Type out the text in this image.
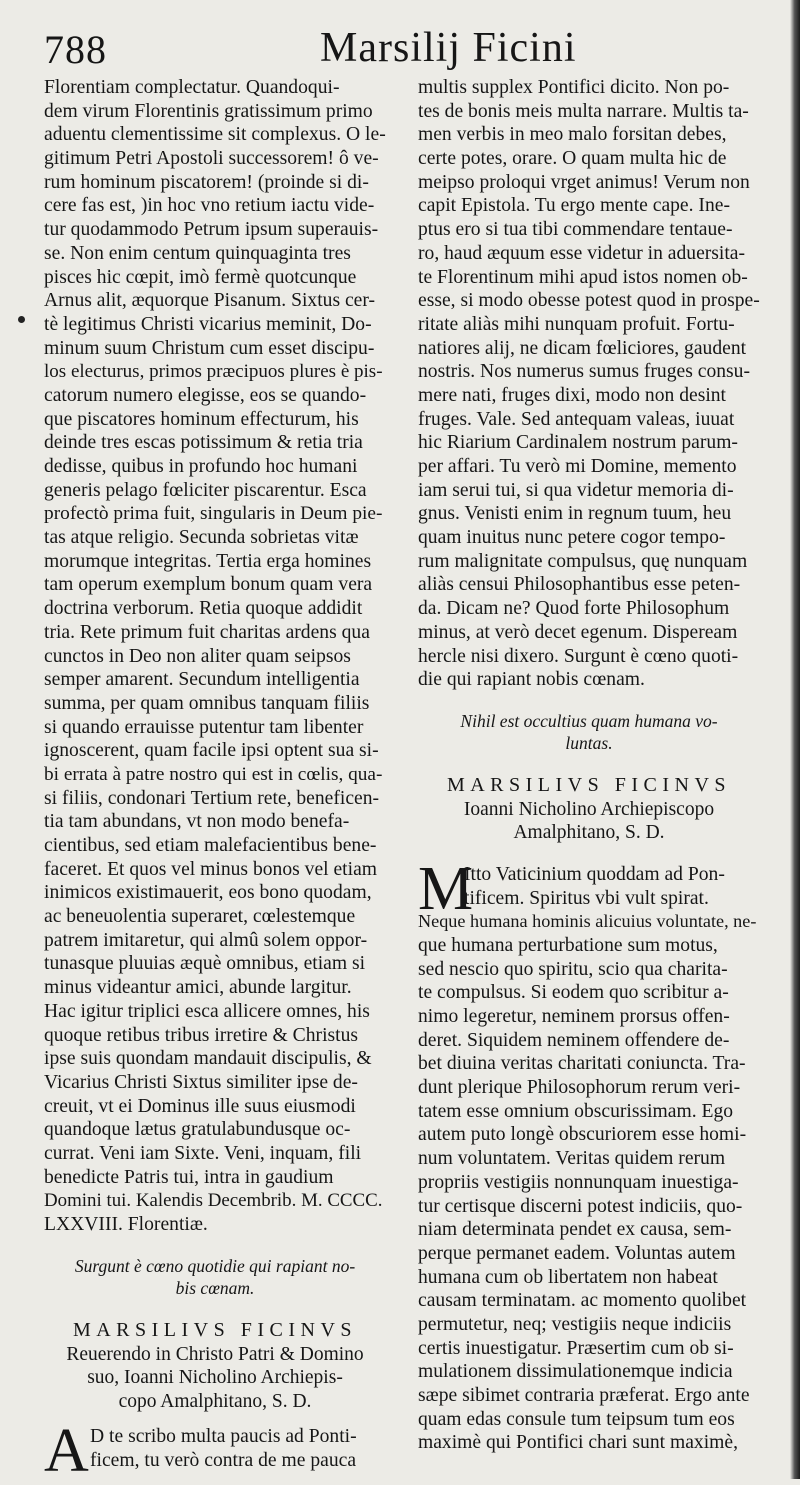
788	Marsilij Ficini
Florentiam complectatur. Quandoqui-
dem virum Florentinis gratissimum primo
aduentu clementissime sit complexus. O le-
gitimum Petri Apostoli successorem! ô ve-
rum hominum piscatorem! (proinde si di-
cere fas est, )in hoc vno retium iactu vide-
tur quodammodo Petrum ipsum superauis-
se. Non enim centum quinquaginta tres
pisces hic cœpit, imò fermè quotcunque
Arnus alit, æquorque Pisanum. Sixtus cer-
tè legitimus Christi vicarius meminit, Do-
minum suum Christum cum esset discipu-
los electurus, primos præcipuos plures è pis-
catorum numero elegisse, eos se quando-
que piscatores hominum effecturum, his
deinde tres escas potissimum & retia tria
dedisse, quibus in profundo hoc humani
generis pelago fœliciter piscarentur. Esca
profectò prima fuit, singularis in Deum pie-
tas atque religio. Secunda sobrietas vitæ
morumque integritas. Tertia erga homines
tam operum exemplum bonum quam vera
doctrina verborum. Retia quoque addidit
tria. Rete primum fuit charitas ardens qua
cunctos in Deo non aliter quam seipsos
semper amarent. Secundum intelligentia
summa, per quam omnibus tanquam filiis
si quando errauisse putentur tam libenter
ignoscerent, quam facile ipsi optent sua si-
bi errata à patre nostro qui est in cœlis, qua-
si filiis, condonari Tertium rete, beneficen-
tia tam abundans, vt non modo benefa-
cientibus, sed etiam malefacientibus bene-
faceret. Et quos vel minus bonos vel etiam
inimicos existimauerit, eos bono quodam,
ac beneuolentia superaret, cœlestemque
patrem imitaretur, qui almû solem oppor-
tunasque pluuias æquè omnibus, etiam si
minus videantur amici, abunde largitur.
Hac igitur triplici esca allicere omnes, his
quoque retibus tribus irretire & Christus
ipse suis quondam mandauit discipulis, &
Vicarius Christi Sixtus similiter ipse de-
creuit, vt ei Dominus ille suus eiusmodi
quandoque lætus gratulabundusque oc-
currat. Veni iam Sixte. Veni, inquam, fili
benedicte Patris tui, intra in gaudium
Domini tui. Kalendis Decembrib. M. CCCC.
LXXVIII. Florentiæ.
Surgunt è cœno quotidie qui rapiant no-
bis cœnam.
MARSILIVS FICINVS
Reuerendo in Christo Patri & Domino
suo, Ioanni Nicholino Archiepis-
copo Amalphitano, S. D.
A D te scribo multa paucis ad Ponti-
ficem, tu verò contra de me pauca
multis supplex Pontifici dicito. Non po-
tes de bonis meis multa narrare. Multis ta-
men verbis in meo malo forsitan debes,
certe potes, orare. O quam multa hic de
meipso proloqui vrget animus! Verum non
capit Epistola. Tu ergo mente cape. Ine-
ptus ero si tua tibi commendare tentaue-
ro, haud æquum esse videtur in aduersita-
te Florentinum mihi apud istos nomen ob-
esse, si modo obesse potest quod in prospe-
ritate aliàs mihi nunquam profuit. Fortu-
natiores alij, ne dicam fœliciores, gaudent
nostris. Nos numerus sumus fruges consu-
mere nati, fruges dixi, modo non desint
fruges. Vale. Sed antequam valeas, iuuat
hic Riarium Cardinalem nostrum parum-
per affari. Tu verò mi Domine, memento
iam serui tui, si qua videtur memoria di-
gnus. Venisti enim in regnum tuum, heu
quam inuitus nunc petere cogor tempo-
rum malignitate compulsus, quę nunquam
aliàs censui Philosophantibus esse peten-
da. Dicam ne? Quod forte Philosophum
minus, at verò decet egenum. Dispeream
hercle nisi dixero. Surgunt è cœno quoti-
die qui rapiant nobis cœnam.
Nihil est occultius quam humana vo-
luntas.
MARSILIVS FICINVS
Ioanni Nicholino Archiepiscopo
Amalphitano, S. D.
M
Itto Vaticinium quoddam ad Pon-
tificem. Spiritus vbi vult spirat.
Neque humana hominis alicuius voluntate, ne-
que humana perturbatione sum motus,
sed nescio quo spiritu, scio qua charita-
te compulsus. Si eodem quo scribitur a-
nimo legeretur, neminem prorsus offen-
deret. Siquidem neminem offendere de-
bet diuina veritas charitati coniuncta. Tra-
dunt plerique Philosophorum rerum veri-
tatem esse omnium obscurissimam. Ego
autem puto longè obscuriorem esse homi-
num voluntatem. Veritas quidem rerum
propriis vestigiis nonnunquam inuestiga-
tur certisque discerni potest indiciis, quo-
niam determinata pendet ex causa, sem-
perque permanet eadem. Voluntas autem
humana cum ob libertatem non habeat
causam terminatam. ac momento quolibet
permutetur, neq; vestigiis neque indiciis
certis inuestigatur. Præsertim cum ob si-
mulationem dissimulationemque indicia
sæpe sibimet contraria præferat. Ergo ante
quam edas consule tum teipsum tum eos
maximè qui Pontifici chari sunt maximè,
